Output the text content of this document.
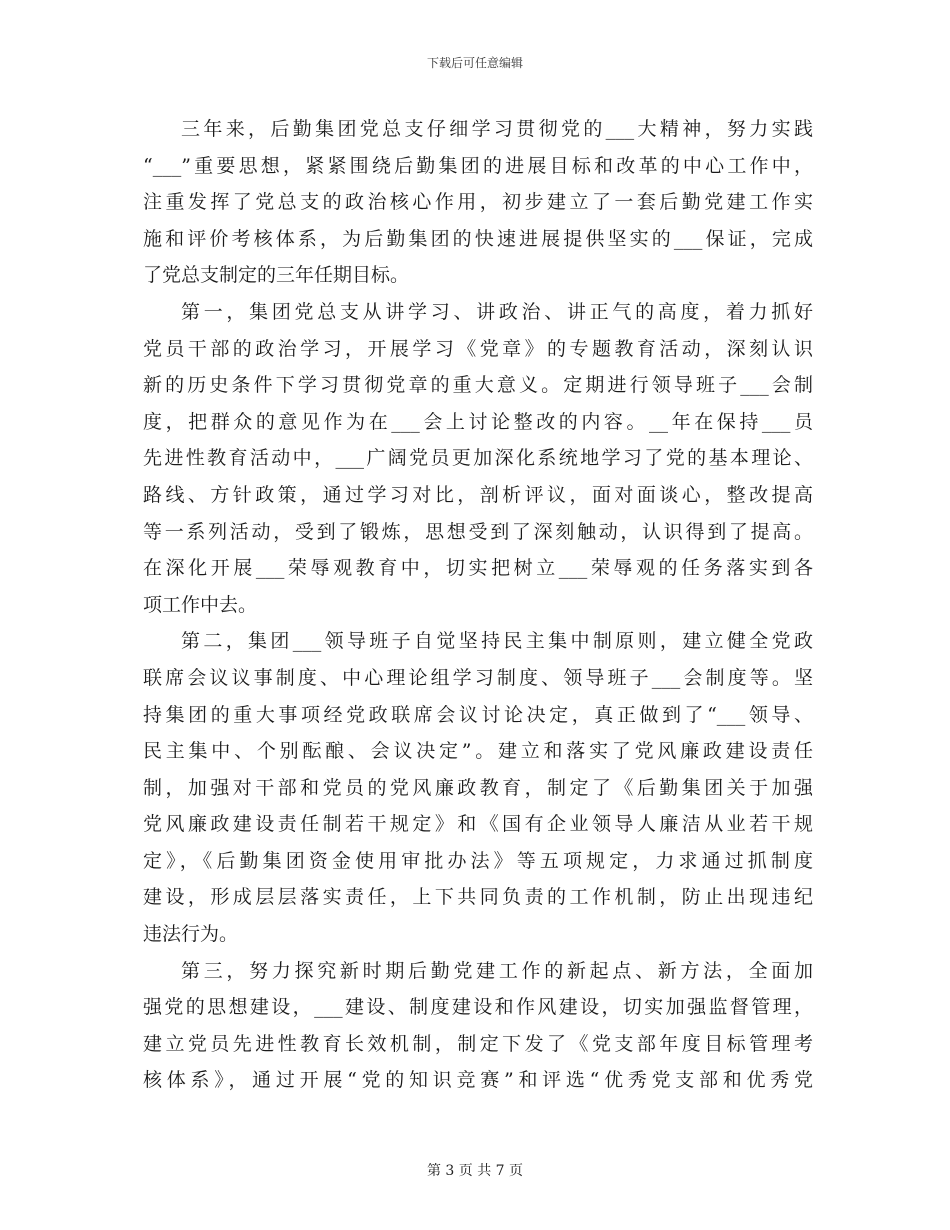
下载后可任意编辑
三年来，后勤集团党总支仔细学习贯彻党的___大精神，努力实践
“___”重要思想，紧紧围绕后勤集团的进展目标和改革的中心工作中，
注重发挥了党总支的政治核心作用，初步建立了一套后勤党建工作实
施和评价考核体系，为后勤集团的快速进展提供坚实的___保证，完成
了党总支制定的三年任期目标。
第一，集团党总支从讲学习、讲政治、讲正气的高度，着力抓好
党员干部的政治学习，开展学习《党章》的专题教育活动，深刻认识
新的历史条件下学习贯彻党章的重大意义。定期进行领导班子___会制
度，把群众的意见作为在___会上讨论整改的内容。__年在保持___员
先进性教育活动中，___广阔党员更加深化系统地学习了党的基本理论、
路线、方针政策，通过学习对比，剖析评议，面对面谈心，整改提高
等一系列活动，受到了锻炼，思想受到了深刻触动，认识得到了提高。
在深化开展___荣辱观教育中，切实把树立___荣辱观的任务落实到各
项工作中去。
第二，集团___领导班子自觉坚持民主集中制原则，建立健全党政
联席会议议事制度、中心理论组学习制度、领导班子___会制度等。坚
持集团的重大事项经党政联席会议讨论决定，真正做到了“___领导、
民主集中、个别酝酿、会议决定”。建立和落实了党风廉政建设责任
制，加强对干部和党员的党风廉政教育，制定了《后勤集团关于加强
党风廉政建设责任制若干规定》和《国有企业领导人廉洁从业若干规
定》，《后勤集团资金使用审批办法》等五项规定，力求通过抓制度
建设，形成层层落实责任，上下共同负责的工作机制，防止出现违纪
违法行为。
第三，努力探究新时期后勤党建工作的新起点、新方法，全面加
强党的思想建设，___建设、制度建设和作风建设，切实加强监督管理，
建立党员先进性教育长效机制，制定下发了《党支部年度目标管理考
核体系》，通过开展“党的知识竞赛”和评选“优秀党支部和优秀党
第 3 页 共 7 页
